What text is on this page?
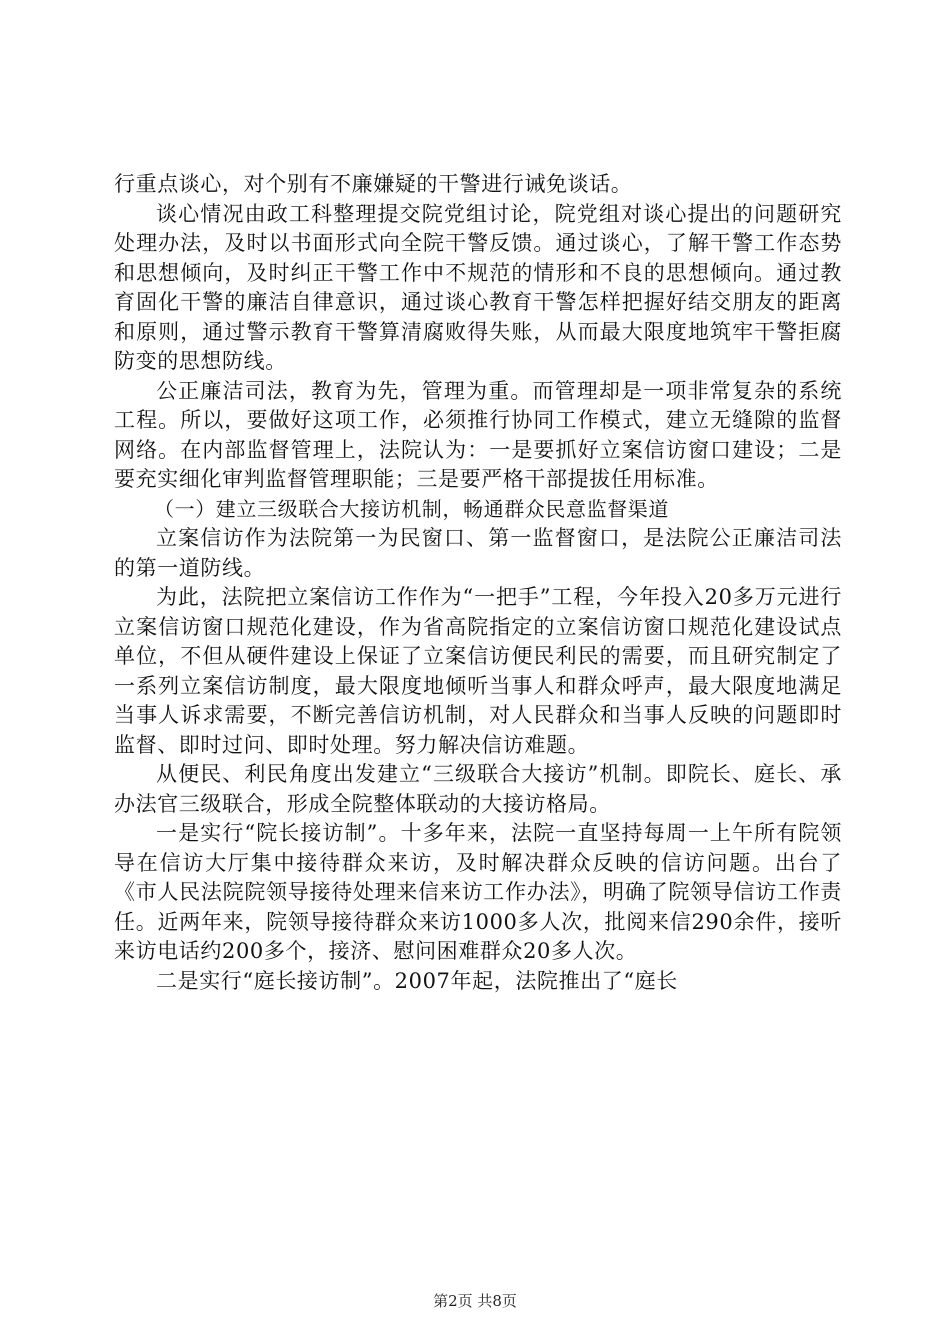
行重点谈心，对个别有不廉嫌疑的干警进行诫免谈话。

谈心情况由政工科整理提交院党组讨论，院党组对谈心提出的问题研究处理办法，及时以书面形式向全院干警反馈。通过谈心，了解干警工作态势和思想倾向，及时纠正干警工作中不规范的情形和不良的思想倾向。通过教育固化干警的廉洁自律意识，通过谈心教育干警怎样把握好结交朋友的距离和原则，通过警示教育干警算清腐败得失账，从而最大限度地筑牢干警拒腐防变的思想防线。

公正廉洁司法，教育为先，管理为重。而管理却是一项非常复杂的系统工程。所以，要做好这项工作，必须推行协同工作模式，建立无缝隙的监督网络。在内部监督管理上，法院认为：一是要抓好立案信访窗口建设；二是要充实细化审判监督管理职能；三是要严格干部提拔任用标准。

（一）建立三级联合大接访机制，畅通群众民意监督渠道

立案信访作为法院第一为民窗口、第一监督窗口，是法院公正廉洁司法的第一道防线。

为此，法院把立案信访工作作为“一把手”工程，今年投入20多万元进行立案信访窗口规范化建设，作为省高院指定的立案信访窗口规范化建设试点单位，不但从硬件建设上保证了立案信访便民利民的需要，而且研究制定了一系列立案信访制度，最大限度地倾听当事人和群众呼声，最大限度地满足当事人诉求需要，不断完善信访机制，对人民群众和当事人反映的问题即时监督、即时过问、即时处理。努力解决信访难题。

从便民、利民角度出发建立“三级联合大接访”机制。即院长、庭长、承办法官三级联合，形成全院整体联动的大接访格局。

一是实行“院长接访制”。十多年来，法院一直坚持每周一上午所有院领导在信访大厅集中接待群众来访，及时解决群众反映的信访问题。出台了《市人民法院院领导接待处理来信来访工作办法》，明确了院领导信访工作责任。近两年来，院领导接待群众来访1000多人次，批阅来信290余件，接听来访电话约200多个，接济、慰问困难群众20多人次。

二是实行“庭长接访制”。2007年起，法院推出了“庭长

第2页 共8页
